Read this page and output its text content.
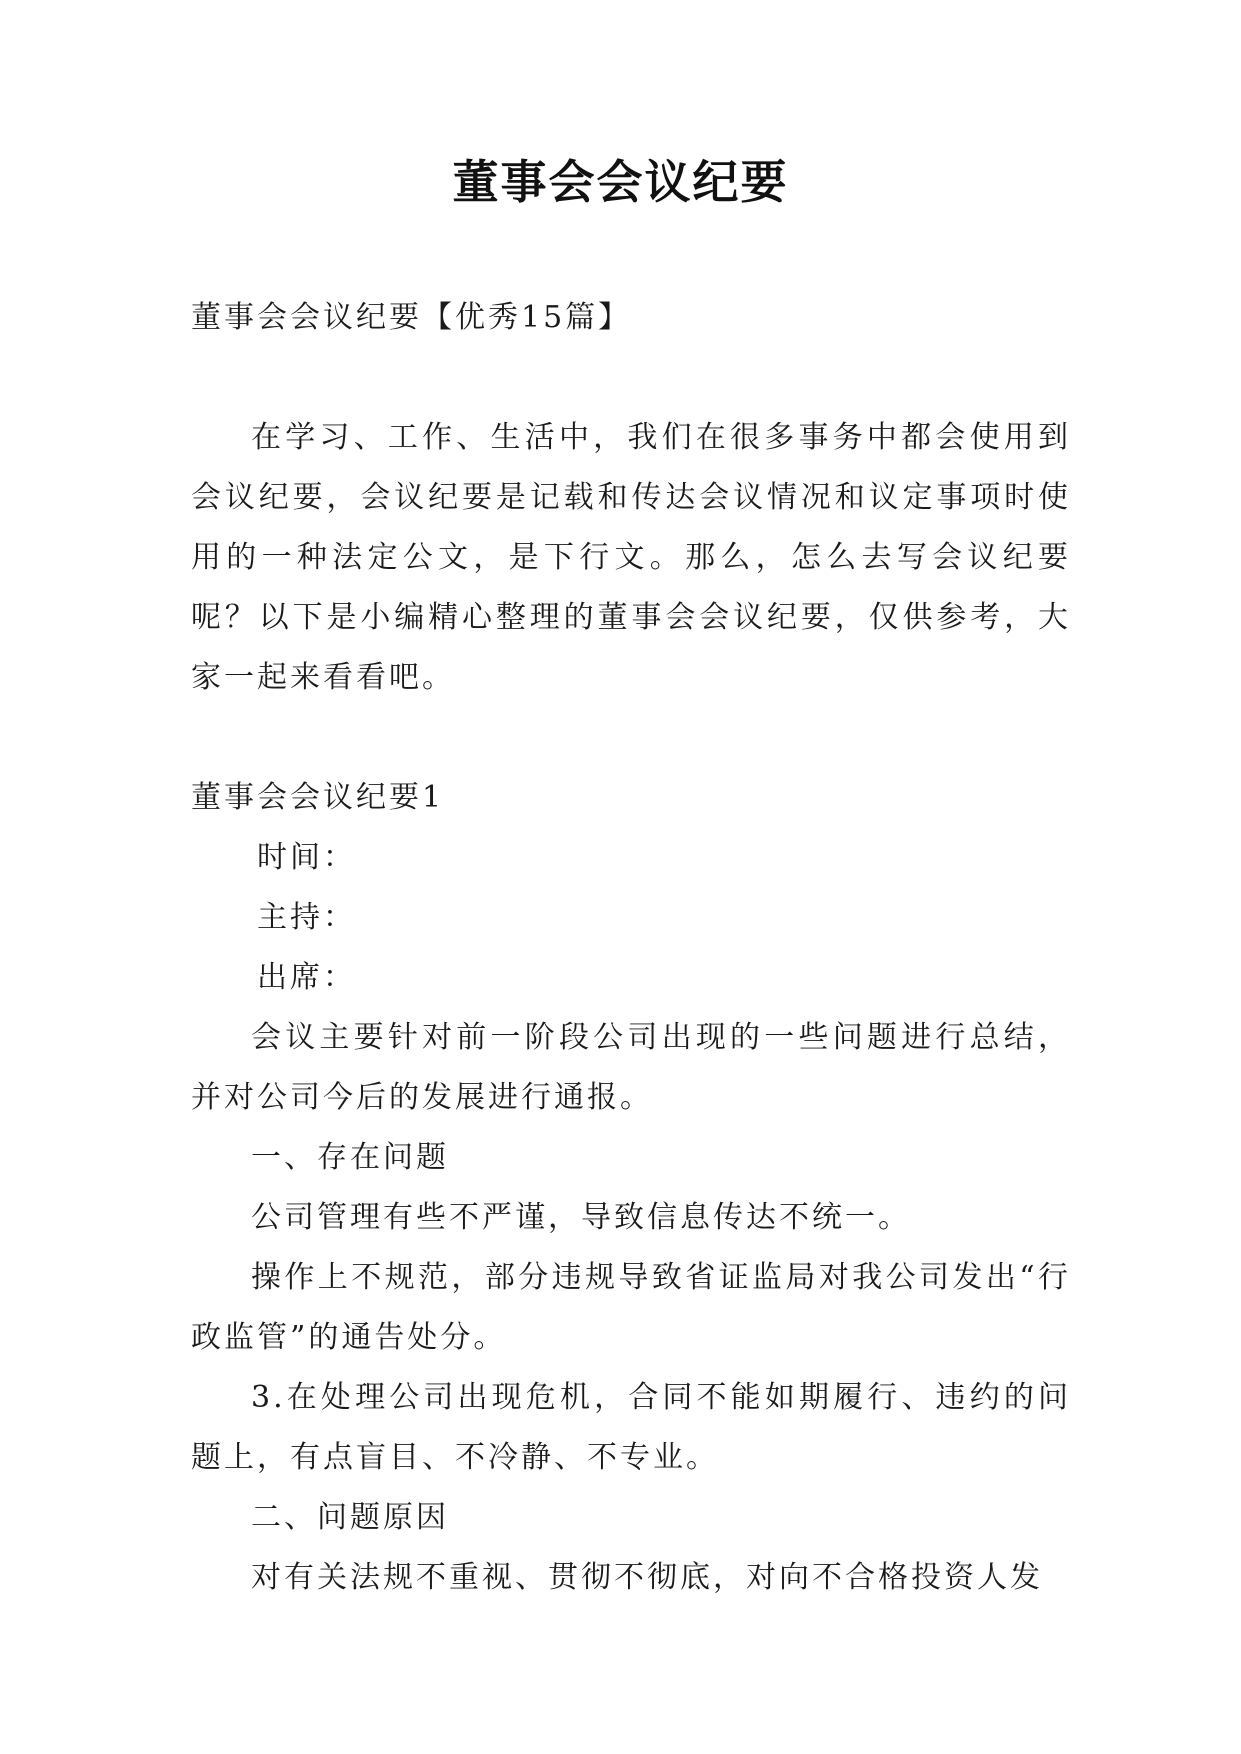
董事会会议纪要

董事会会议纪要【优秀15篇】

在学习、工作、生活中，我们在很多事务中都会使用到会议纪要，会议纪要是记载和传达会议情况和议定事项时使用的一种法定公文，是下行文。那么，怎么去写会议纪要呢？以下是小编精心整理的董事会会议纪要，仅供参考，大家一起来看看吧。

董事会会议纪要1

时间：

主持：

出席：

会议主要针对前一阶段公司出现的一些问题进行总结，并对公司今后的发展进行通报。

一、存在问题

公司管理有些不严谨，导致信息传达不统一。

操作上不规范，部分违规导致省证监局对我公司发出“行政监管”的通告处分。

3.在处理公司出现危机，合同不能如期履行、违约的问题上，有点盲目、不冷静、不专业。

二、问题原因

对有关法规不重视、贯彻不彻底，对向不合格投资人发
